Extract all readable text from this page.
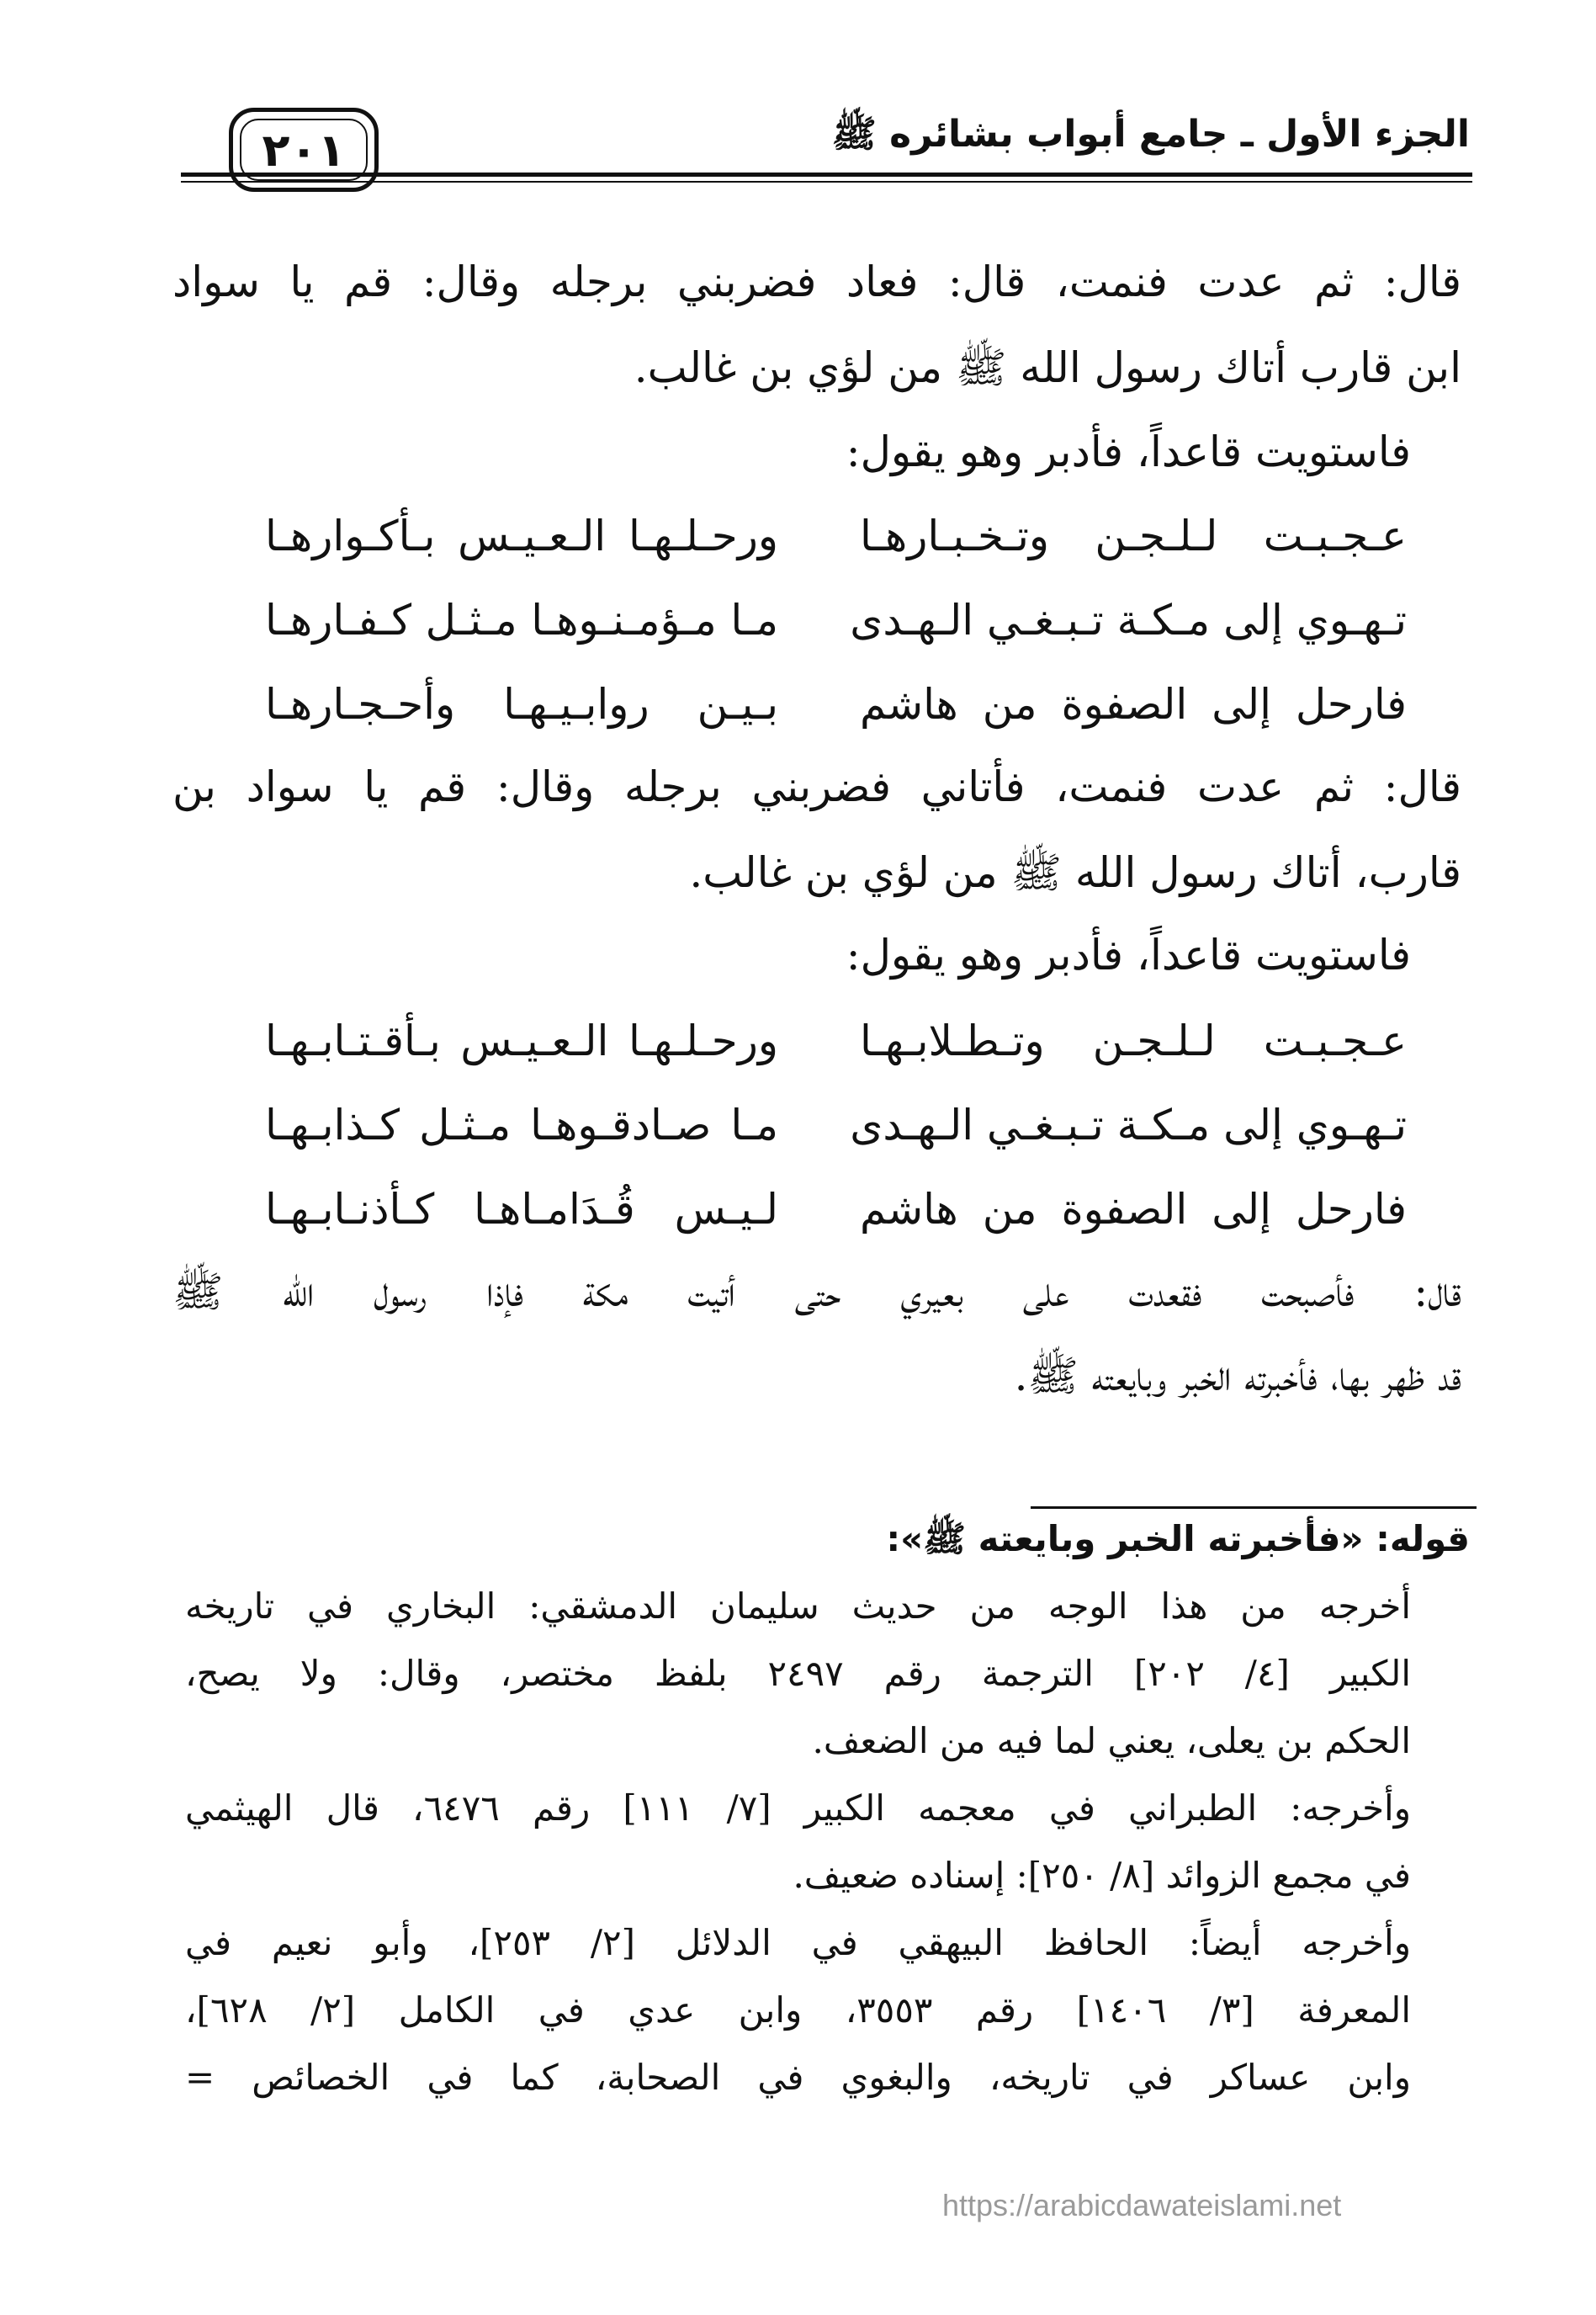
الجزء الأول ـ جامع أبواب بشائره ﷺ
٢٠١
قال: ثم عدت فنمت، قال: فعاد فضربني برجله وقال: قم يا سواد
ابن قارب أتاك رسول الله ﷺ من لؤي بن غالب.
فاستويت قاعداً، فأدبر وهو يقول:
عـجـبـت لـلـجـن وتـخـبـارهـا
ورحـلـهـا الـعـيـس بـأكـوارهـا
تـهـوي إلى مـكـة تـبـغـي الـهـدى
مـا مـؤمـنـوهـا مـثـل كـفـارهـا
فارحل إلى الصفوة من هاشم
بـيـن روابـيـهـا وأحـجـارهـا
قال: ثم عدت فنمت، فأتاني فضربني برجله وقال: قم يا سواد بن
قارب، أتاك رسول الله ﷺ من لؤي بن غالب.
فاستويت قاعداً، فأدبر وهو يقول:
عـجـبـت لـلـجـن وتـطـلابـهـا
ورحـلـهـا الـعـيـس بـأقـتـابـهـا
تـهـوي إلى مـكـة تـبـغـي الـهـدى
مـا صـادقـوهـا مـثـل كـذابـهـا
فارحل إلى الصفوة من هاشم
لـيـس قُـدَامـاهـا كـأذنـابـهـا
قال: فأصبحت فقعدت على بعيري حتى أتيت مكة فإذا رسول الله ﷺ
قد ظهر بها، فأخبرته الخبر وبايعته ﷺ.
قوله: «فأخبرته الخبر وبايعته ﷺ»:
أخرجه من هذا الوجه من حديث سليمان الدمشقي: البخاري في تاريخه
الكبير [٤/ ٢٠٢] الترجمة رقم ٢٤٩٧ بلفظ مختصر، وقال: ولا يصح،
الحكم بن يعلى، يعني لما فيه من الضعف.
وأخرجه: الطبراني في معجمه الكبير [٧/ ١١١] رقم ٦٤٧٦، قال الهيثمي
في مجمع الزوائد [٨/ ٢٥٠]: إسناده ضعيف.
وأخرجه أيضاً: الحافظ البيهقي في الدلائل [٢/ ٢٥٣]، وأبو نعيم في
المعرفة [٣/ ١٤٠٦] رقم ٣٥٥٣، وابن عدي في الكامل [٢/ ٦٢٨]،
وابن عساكر في تاريخه، والبغوي في الصحابة، كما في الخصائص =
https://arabicdawateislami.net
